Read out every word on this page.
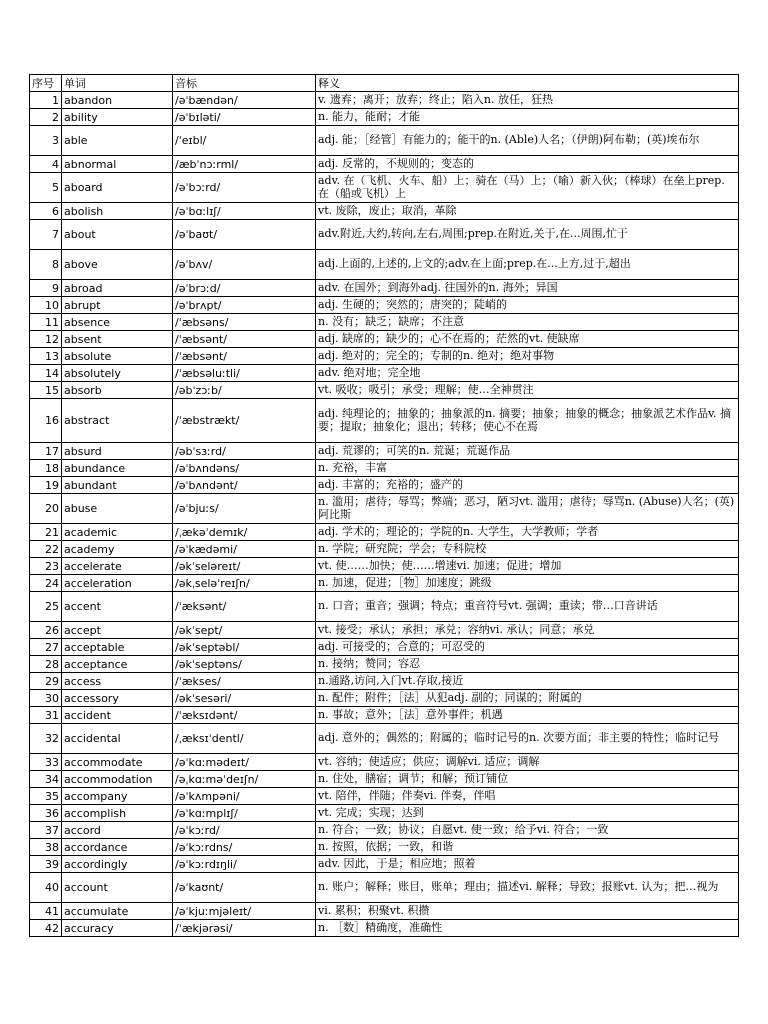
序号	单词	音标	释义
1	abandon	/əˈbændən/	v. 遗弃；离开；放弃；终止；陷入n. 放任，狂热
2	ability	/əˈbɪləti/	n. 能力，能耐；才能
3	able	/ˈeɪbl/	adj. 能；［经管］有能力的；能干的n. (Able)人名；（伊朗)阿布勒；(英)埃布尔
4	abnormal	/æbˈnɔːrml/	adj. 反常的，不规则的；变态的
5	aboard	/əˈbɔːrd/	adv. 在（飞机、火车、船）上；骑在（马）上；（喻）新入伙；（棒球）在垒上prep. 在（船或飞机）上
6	abolish	/əˈbɑːlɪʃ/	vt. 废除，废止；取消，革除
7	about	/əˈbaʊt/	adv.附近,大约,转向,左右,周围;prep.在附近,关于,在...周围,忙于
8	above	/əˈbʌv/	adj.上面的,上述的,上文的;adv.在上面;prep.在...上方,过于,超出
9	abroad	/əˈbrɔːd/	adv. 在国外；到海外adj. 往国外的n. 海外；异国
10	abrupt	/əˈbrʌpt/	adj. 生硬的；突然的；唐突的；陡峭的
11	absence	/ˈæbsəns/	n. 没有；缺乏；缺席；不注意
12	absent	/ˈæbsənt/	adj. 缺席的；缺少的；心不在焉的；茫然的vt. 使缺席
13	absolute	/ˈæbsənt/	adj. 绝对的；完全的；专制的n. 绝对；绝对事物
14	absolutely	/ˈæbsəluːtli/	adv. 绝对地；完全地
15	absorb	/əbˈzɔːb/	vt. 吸收；吸引；承受；理解；使…全神贯注
16	abstract	/ˈæbstrækt/	adj. 纯理论的；抽象的；抽象派的n. 摘要；抽象；抽象的概念；抽象派艺术作品v. 摘要；提取；抽象化；退出；转移；使心不在焉
17	absurd	/əbˈsɜːrd/	adj. 荒谬的；可笑的n. 荒诞；荒诞作品
18	abundance	/əˈbʌndəns/	n. 充裕，丰富
19	abundant	/əˈbʌndənt/	adj. 丰富的；充裕的；盛产的
20	abuse	/əˈbjuːs/	n. 滥用；虐待；辱骂；弊端；恶习，陋习vt. 滥用；虐待；辱骂n. (Abuse)人名；(英)阿比斯
21	academic	/ˌækəˈdemɪk/	adj. 学术的；理论的；学院的n. 大学生，大学教师；学者
22	academy	/əˈkædəmi/	n. 学院；研究院；学会；专科院校
23	accelerate	/əkˈseləreɪt/	vt. 使……加快；使……增速vi. 加速；促进；增加
24	acceleration	/əkˌseləˈreɪʃn/	n. 加速，促进；［物］加速度；跳级
25	accent	/ˈæksənt/	n. 口音；重音；强调；特点；重音符号vt. 强调；重读；带…口音讲话
26	accept	/əkˈsept/	vt. 接受；承认；承担；承兑；容纳vi. 承认；同意；承兑
27	acceptable	/əkˈseptəbl/	adj. 可接受的；合意的；可忍受的
28	acceptance	/əkˈseptəns/	n. 接纳；赞同；容忍
29	access	/ˈækses/	n.通路,访问,入门vt.存取,接近
30	accessory	/əkˈsesəri/	n. 配件；附件；［法］从犯adj. 副的；同谋的；附属的
31	accident	/ˈæksɪdənt/	n. 事故；意外；［法］意外事件；机遇
32	accidental	/ˌæksɪˈdentl/	adj. 意外的；偶然的；附属的；临时记号的n. 次要方面；非主要的特性；临时记号
33	accommodate	/əˈkɑːmədeɪt/	vt. 容纳；使适应；供应；调解vi. 适应；调解
34	accommodation	/əˌkɑːməˈdeɪʃn/	n. 住处，膳宿；调节；和解；预订铺位
35	accompany	/əˈkʌmpəni/	vt. 陪伴，伴随；伴奏vi. 伴奏，伴唱
36	accomplish	/əˈkɑːmplɪʃ/	vt. 完成；实现；达到
37	accord	/əˈkɔːrd/	n. 符合；一致；协议；自愿vt. 使一致；给予vi. 符合；一致
38	accordance	/əˈkɔːrdns/	n. 按照，依据；一致，和谐
39	accordingly	/əˈkɔːrdɪŋli/	adv. 因此，于是；相应地；照着
40	account	/əˈkaʊnt/	n. 账户；解释；账目，账单；理由；描述vi. 解释；导致；报账vt. 认为；把…视为
41	accumulate	/əˈkjuːmjəleɪt/	vi. 累积；积聚vt. 积攒
42	accuracy	/ˈækjərəsi/	n. ［数］精确度，准确性
